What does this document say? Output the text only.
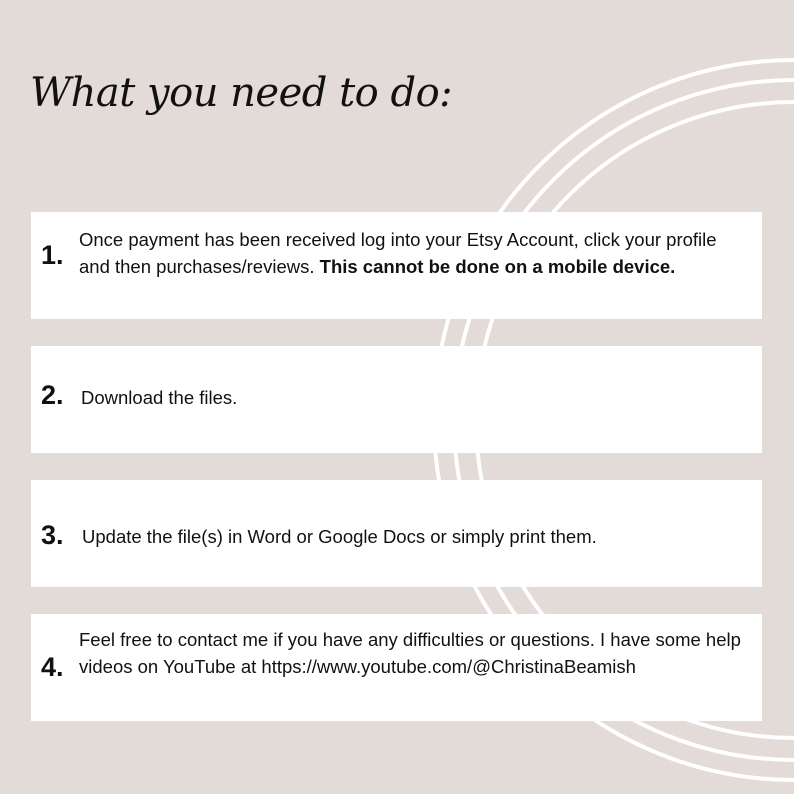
What you need to do:
1.
Once payment has been received log into your Etsy Account, click your profile and then purchases/reviews. This cannot be done on a mobile device.
2. Download the files.
3. Update the file(s) in Word or Google Docs or simply print them.
4.
Feel free to contact me if you have any difficulties or questions. I have some help videos on YouTube at https://www.youtube.com/@ChristinaBeamish
